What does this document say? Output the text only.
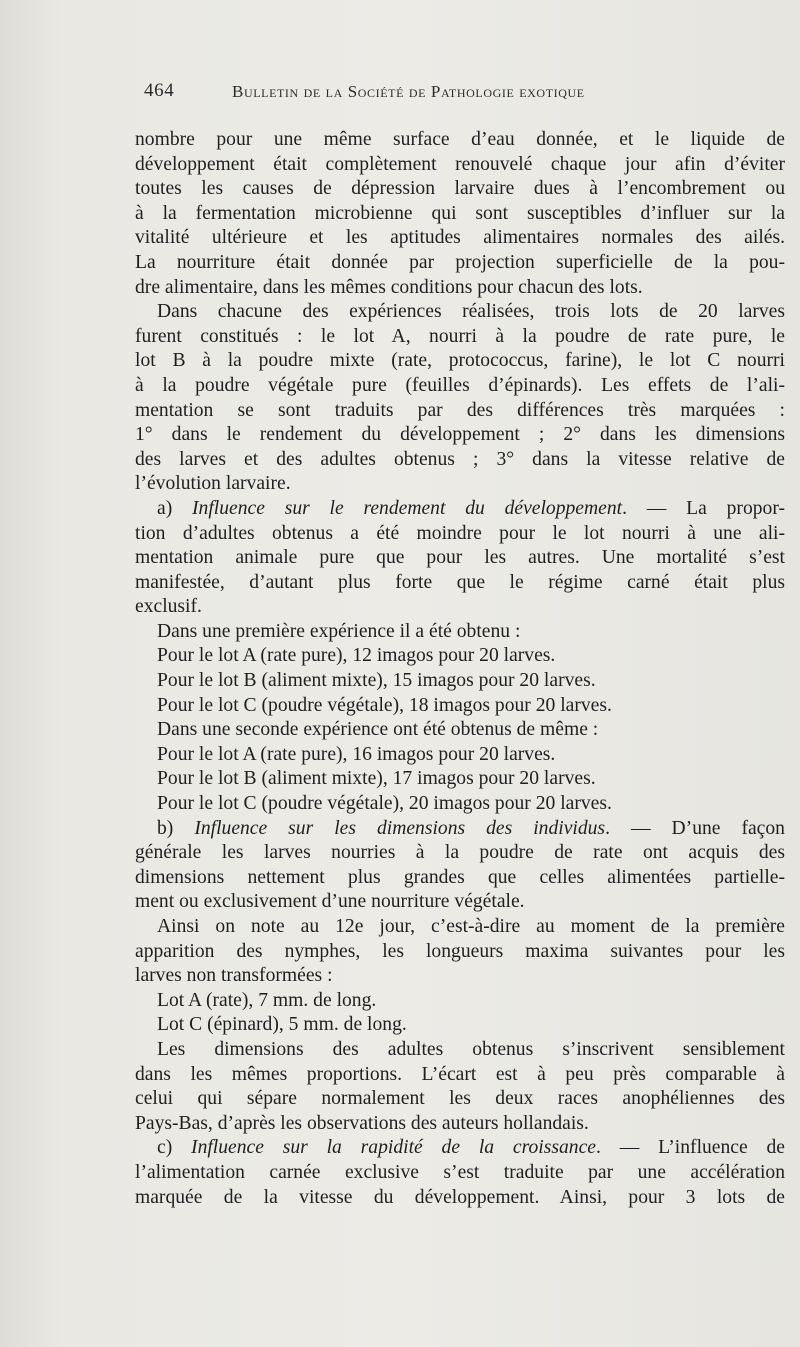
464	Bulletin de la Société de Pathologie exotique
nombre pour une même surface d’eau donnée, et le liquide de
développement était complètement renouvelé chaque jour afin d’éviter
toutes les causes de dépression larvaire dues à l’encombrement ou
à la fermentation microbienne qui sont susceptibles d’influer sur la
vitalité ultérieure et les aptitudes alimentaires normales des ailés.
La nourriture était donnée par projection superficielle de la pou-
dre alimentaire, dans les mêmes conditions pour chacun des lots.
Dans chacune des expériences réalisées, trois lots de 20 larves
furent constitués : le lot A, nourri à la poudre de rate pure, le
lot B à la poudre mixte (rate, protococcus, farine), le lot C nourri
à la poudre végétale pure (feuilles d’épinards). Les effets de l’ali-
mentation se sont traduits par des différences très marquées :
1° dans le rendement du développement ; 2° dans les dimensions
des larves et des adultes obtenus ; 3° dans la vitesse relative de
l’évolution larvaire.
a) Influence sur le rendement du développement. — La propor-
tion d’adultes obtenus a été moindre pour le lot nourri à une ali-
mentation animale pure que pour les autres. Une mortalité s’est
manifestée, d’autant plus forte que le régime carné était plus
exclusif.
Dans une première expérience il a été obtenu :
Pour le lot A (rate pure), 12 imagos pour 20 larves.
Pour le lot B (aliment mixte), 15 imagos pour 20 larves.
Pour le lot C (poudre végétale), 18 imagos pour 20 larves.
Dans une seconde expérience ont été obtenus de même :
Pour le lot A (rate pure), 16 imagos pour 20 larves.
Pour le lot B (aliment mixte), 17 imagos pour 20 larves.
Pour le lot C (poudre végétale), 20 imagos pour 20 larves.
b) Influence sur les dimensions des individus. — D’une façon
générale les larves nourries à la poudre de rate ont acquis des
dimensions nettement plus grandes que celles alimentées partielle-
ment ou exclusivement d’une nourriture végétale.
Ainsi on note au 12e jour, c’est-à-dire au moment de la première
apparition des nymphes, les longueurs maxima suivantes pour les
larves non transformées :
Lot A (rate), 7 mm. de long.
Lot C (épinard), 5 mm. de long.
Les dimensions des adultes obtenus s’inscrivent sensiblement
dans les mêmes proportions. L’écart est à peu près comparable à
celui qui sépare normalement les deux races anophéliennes des
Pays-Bas, d’après les observations des auteurs hollandais.
c) Influence sur la rapidité de la croissance. — L’influence de
l’alimentation carnée exclusive s’est traduite par une accélération
marquée de la vitesse du développement. Ainsi, pour 3 lots de
